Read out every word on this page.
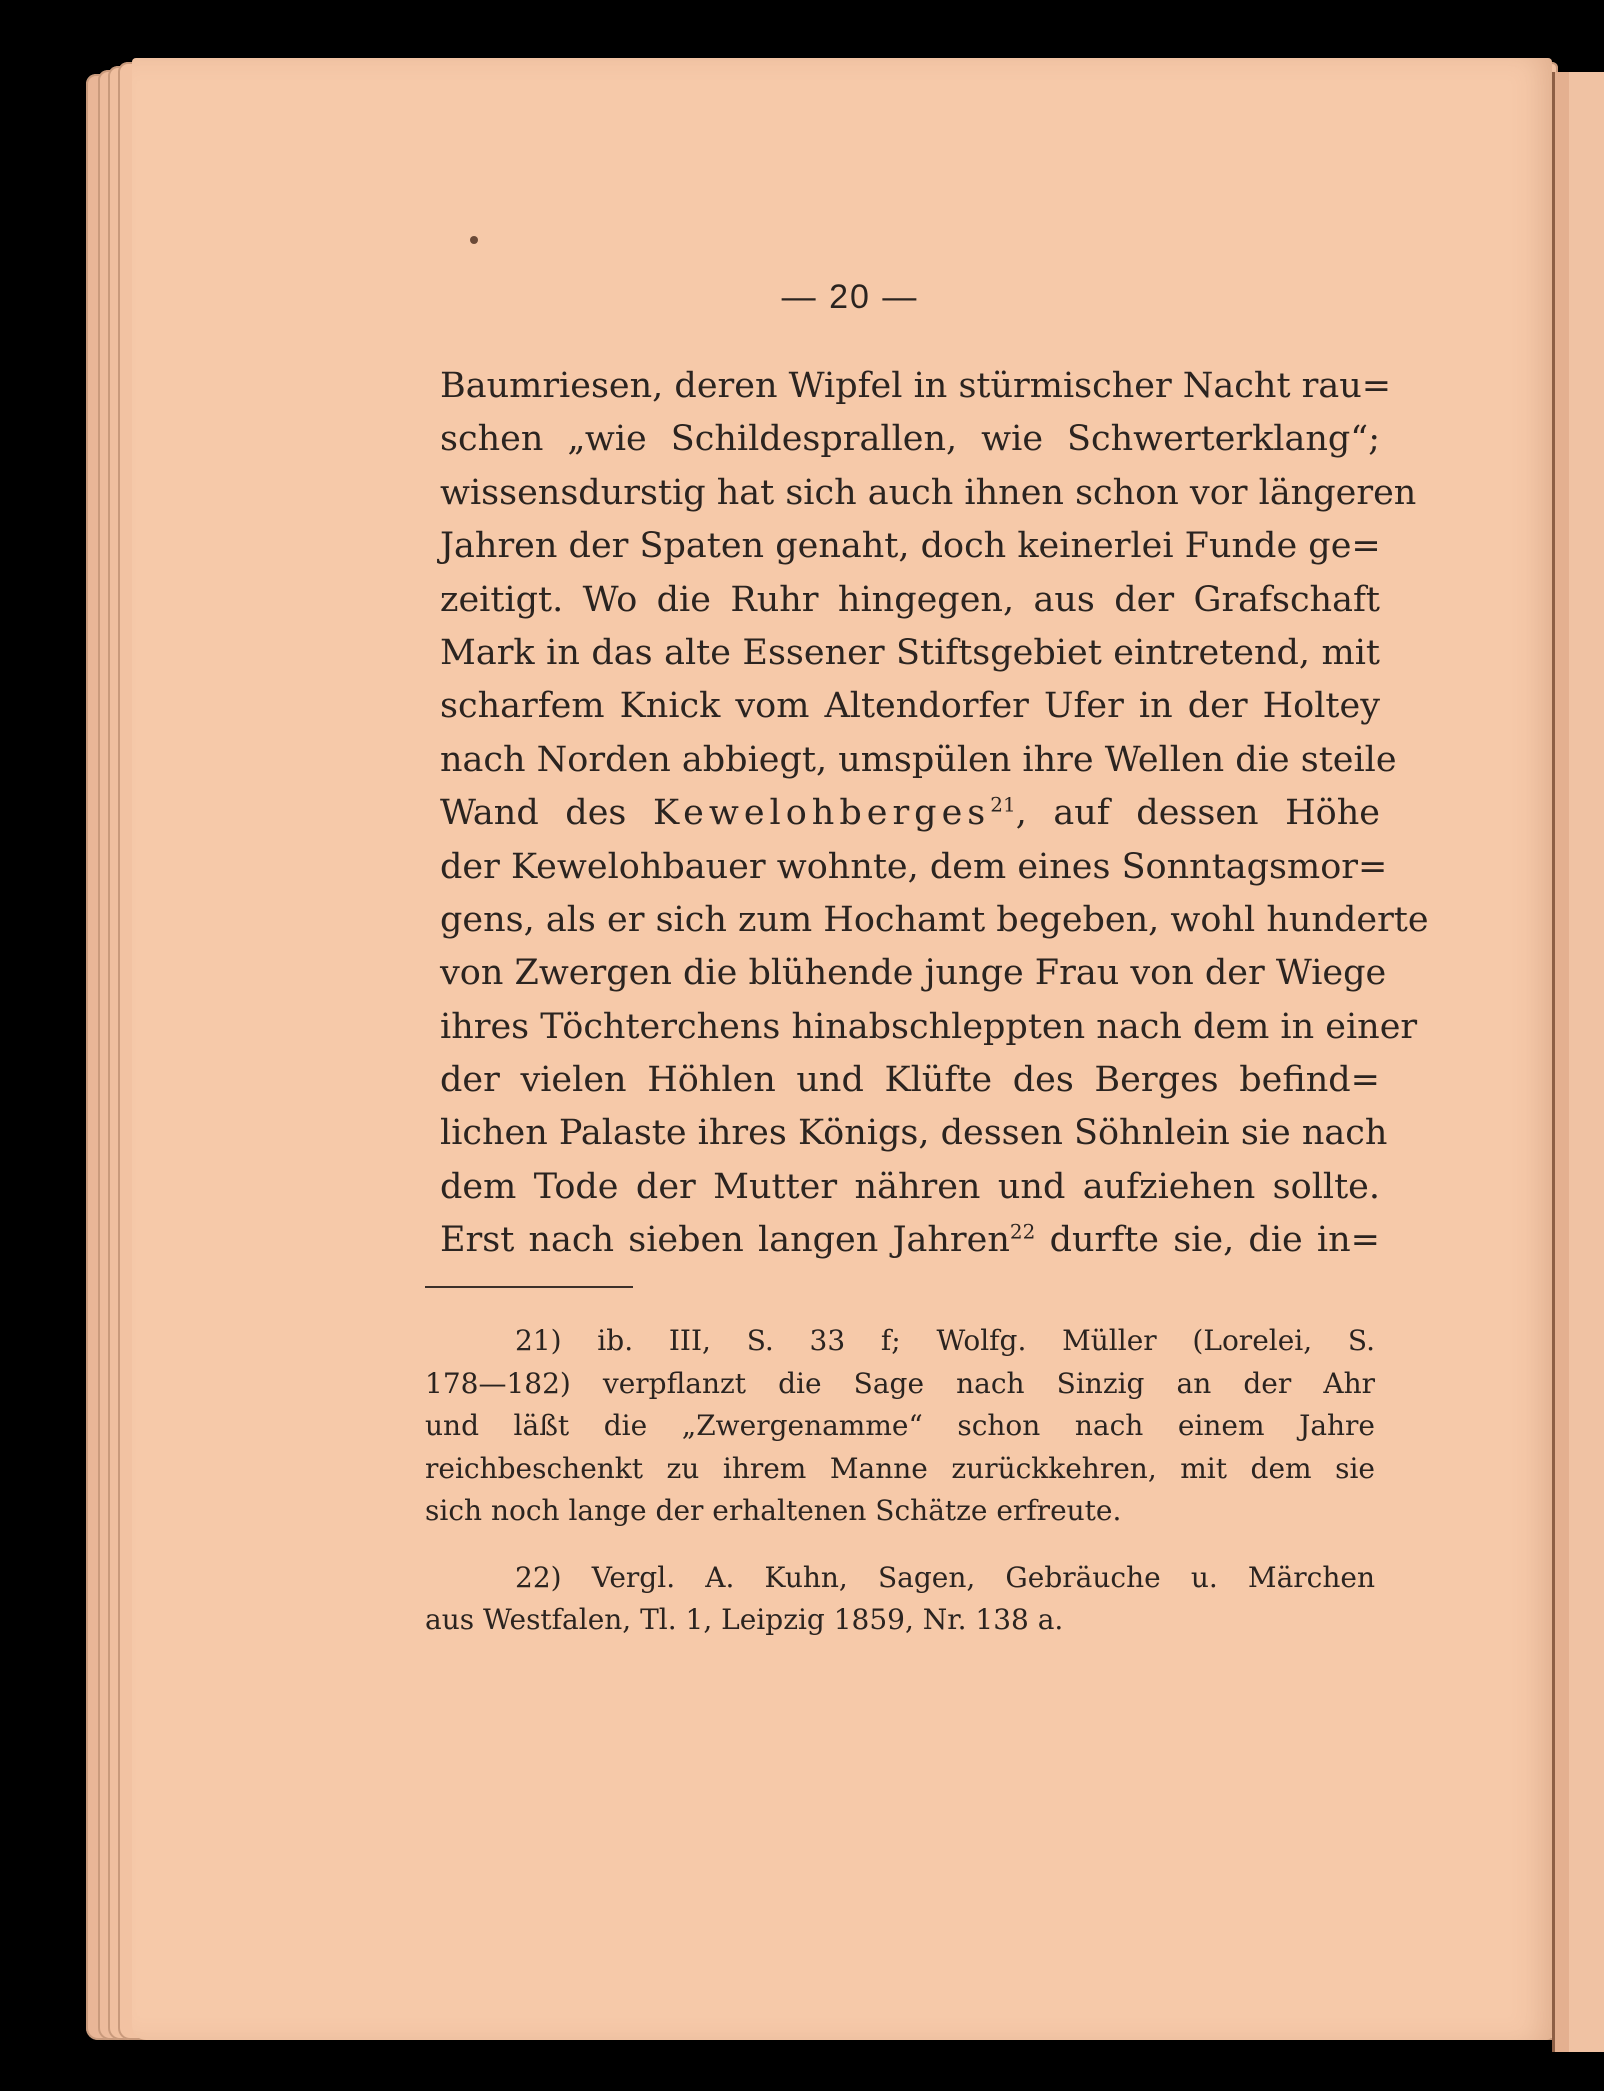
— 20 —
Baumriesen, deren Wipfel in stürmischer Nacht rau=
schen „wie Schildesprallen, wie Schwerterklang“;
wissensdurstig hat sich auch ihnen schon vor längeren
Jahren der Spaten genaht, doch keinerlei Funde ge=
zeitigt. Wo die Ruhr hingegen, aus der Grafschaft
Mark in das alte Essener Stiftsgebiet eintretend, mit
scharfem Knick vom Altendorfer Ufer in der Holtey
nach Norden abbiegt, umspülen ihre Wellen die steile
Wand des Kewelohberges$^{21}$, auf dessen Höhe
der Kewelohbauer wohnte, dem eines Sonntagsmor=
gens, als er sich zum Hochamt begeben, wohl hunderte
von Zwergen die blühende junge Frau von der Wiege
ihres Töchterchens hinabschleppten nach dem in einer
der vielen Höhlen und Klüfte des Berges befind=
lichen Palaste ihres Königs, dessen Söhnlein sie nach
dem Tode der Mutter nähren und aufziehen sollte.
Erst nach sieben langen Jahren$^{22}$ durfte sie, die in=
21) ib. III, S. 33 f; Wolfg. Müller (Lorelei, S.
178—182) verpflanzt die Sage nach Sinzig an der Ahr
und läßt die „Zwergenamme“ schon nach einem Jahre
reichbeschenkt zu ihrem Manne zurückkehren, mit dem sie
sich noch lange der erhaltenen Schätze erfreute.
22) Vergl. A. Kuhn, Sagen, Gebräuche u. Märchen
aus Westfalen, Tl. 1, Leipzig 1859, Nr. 138 a.
